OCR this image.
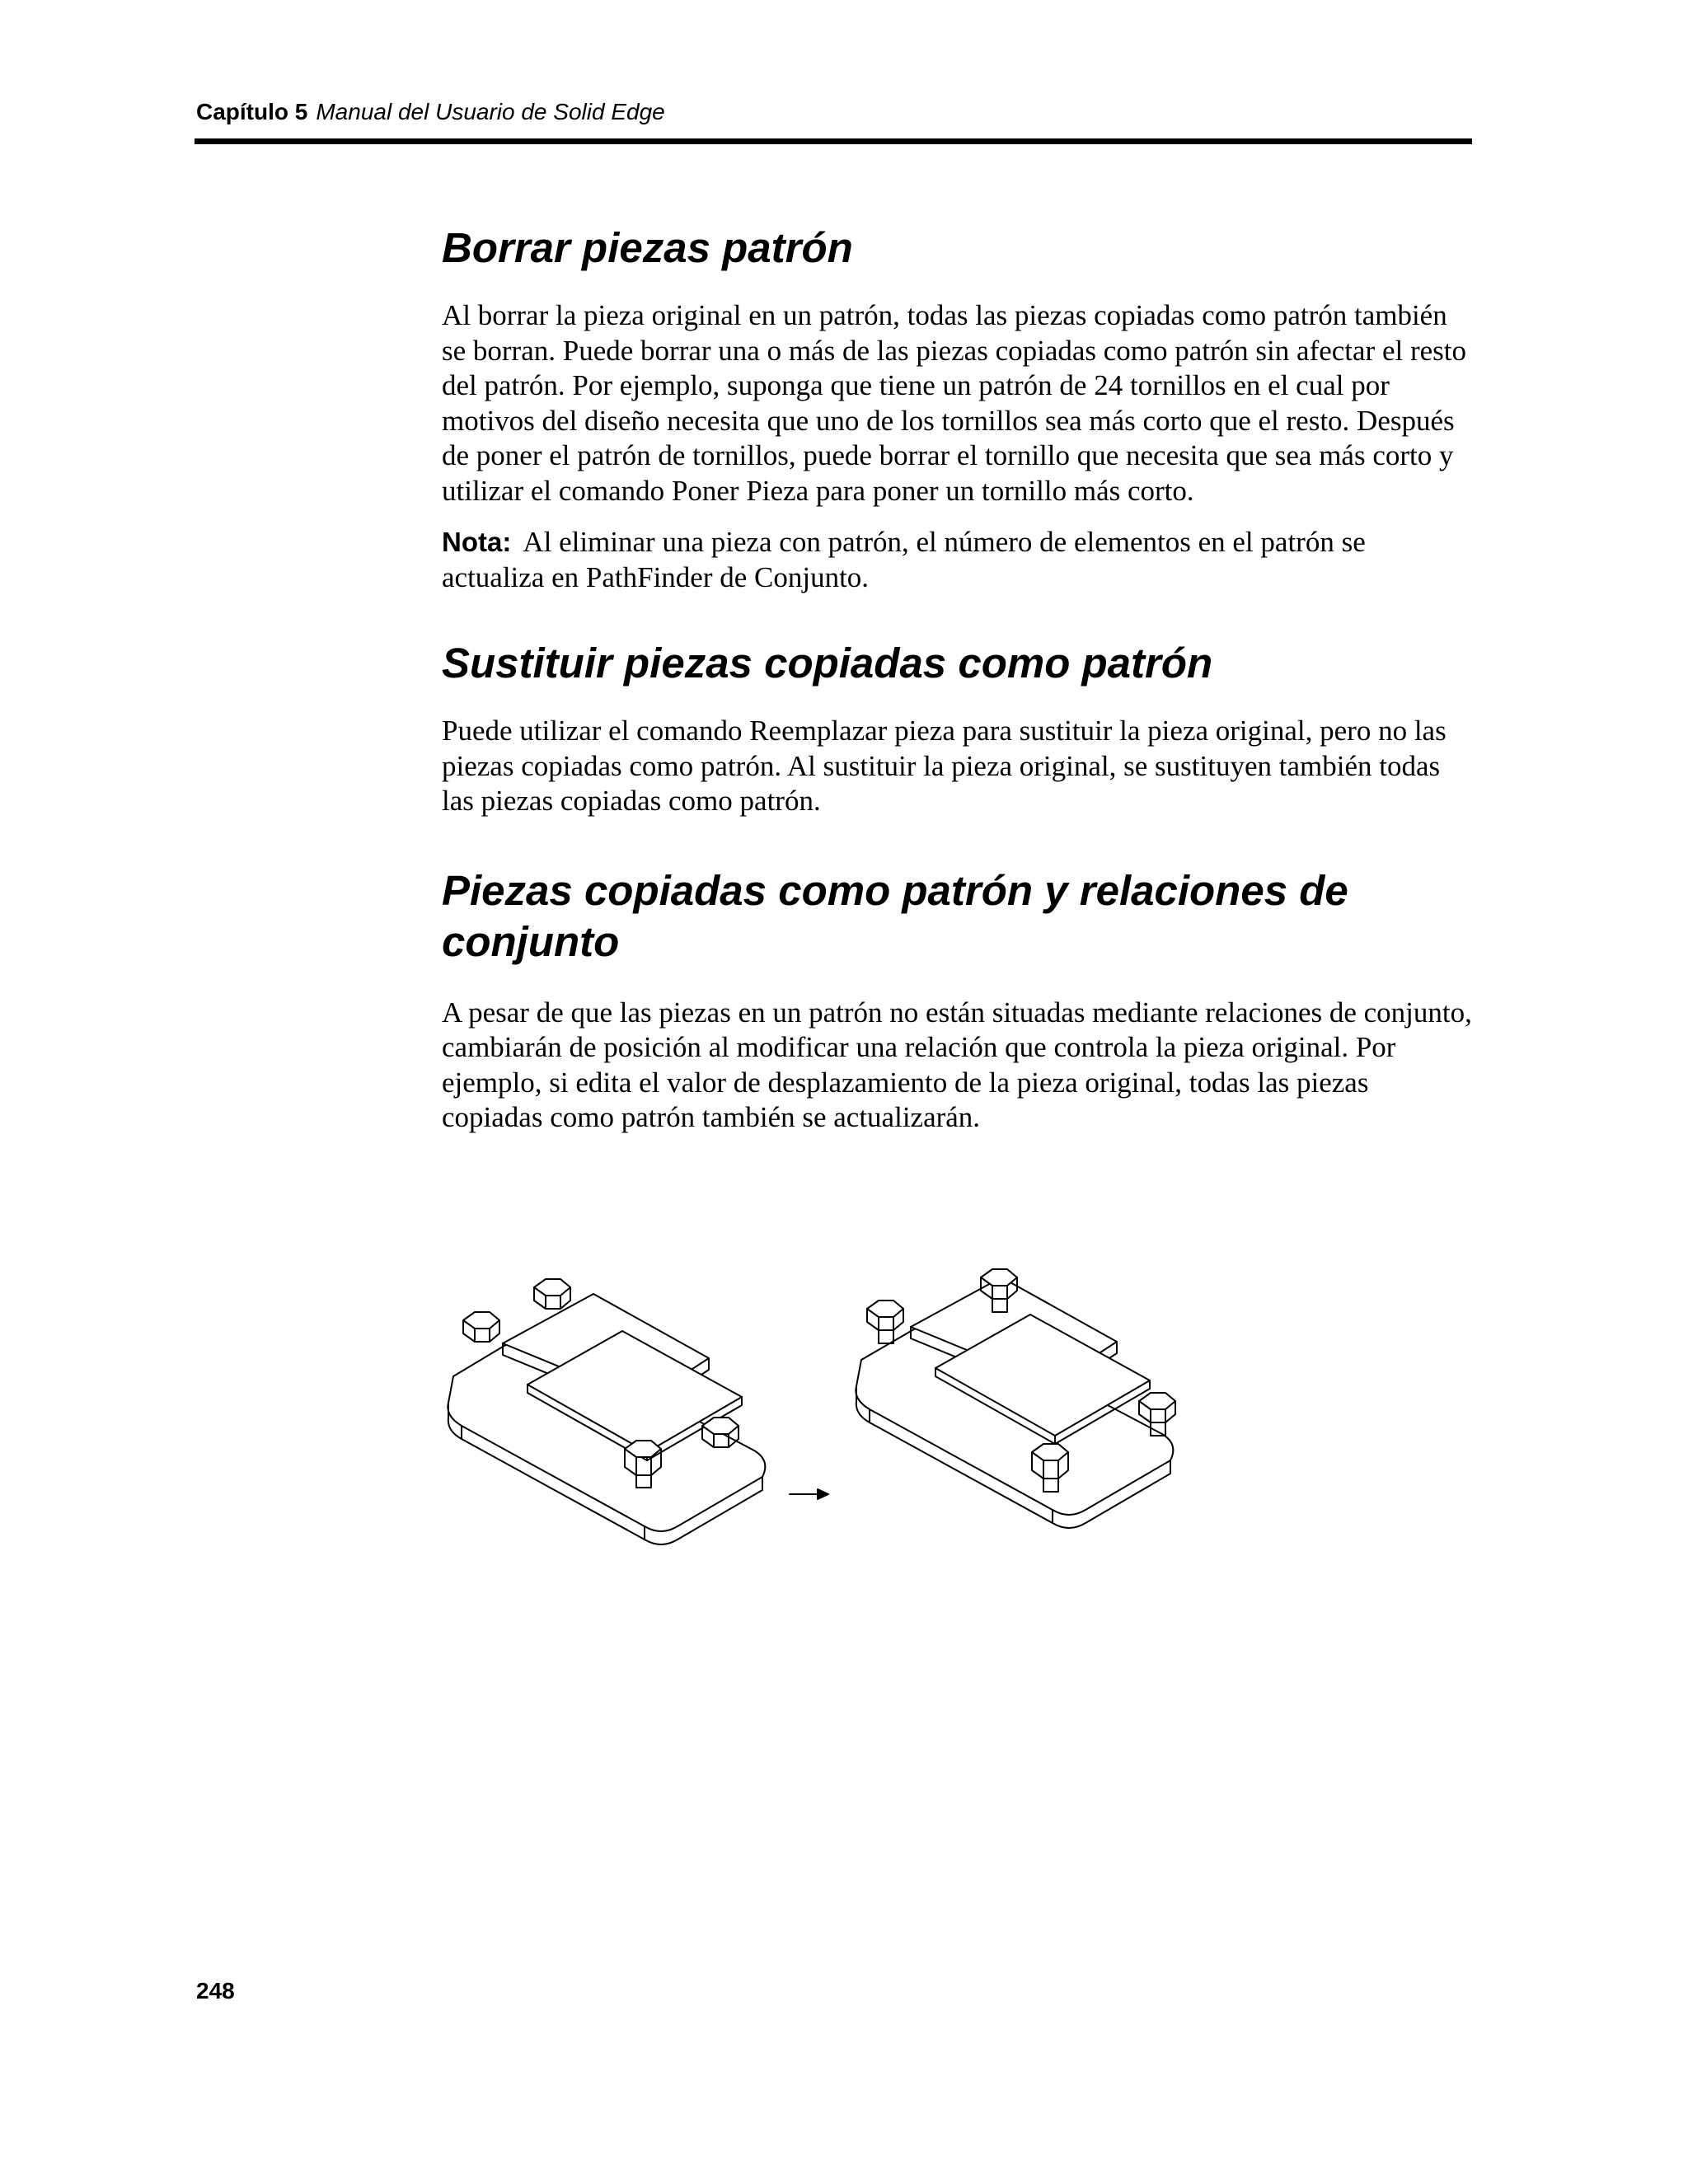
Capítulo 5 Manual del Usuario de Solid Edge
Borrar piezas patrón

Al borrar la pieza original en un patrón, todas las piezas copiadas como patrón también se borran. Puede borrar una o más de las piezas copiadas como patrón sin afectar el resto del patrón. Por ejemplo, suponga que tiene un patrón de 24 tornillos en el cual por motivos del diseño necesita que uno de los tornillos sea más corto que el resto. Después de poner el patrón de tornillos, puede borrar el tornillo que necesita que sea más corto y utilizar el comando Poner Pieza para poner un tornillo más corto.

Nota: Al eliminar una pieza con patrón, el número de elementos en el patrón se actualiza en PathFinder de Conjunto.

Sustituir piezas copiadas como patrón

Puede utilizar el comando Reemplazar pieza para sustituir la pieza original, pero no las piezas copiadas como patrón. Al sustituir la pieza original, se sustituyen también todas las piezas copiadas como patrón.

Piezas copiadas como patrón y relaciones de conjunto

A pesar de que las piezas en un patrón no están situadas mediante relaciones de conjunto, cambiarán de posición al modificar una relación que controla la pieza original. Por ejemplo, si edita el valor de desplazamiento de la pieza original, todas las piezas copiadas como patrón también se actualizarán.

248
